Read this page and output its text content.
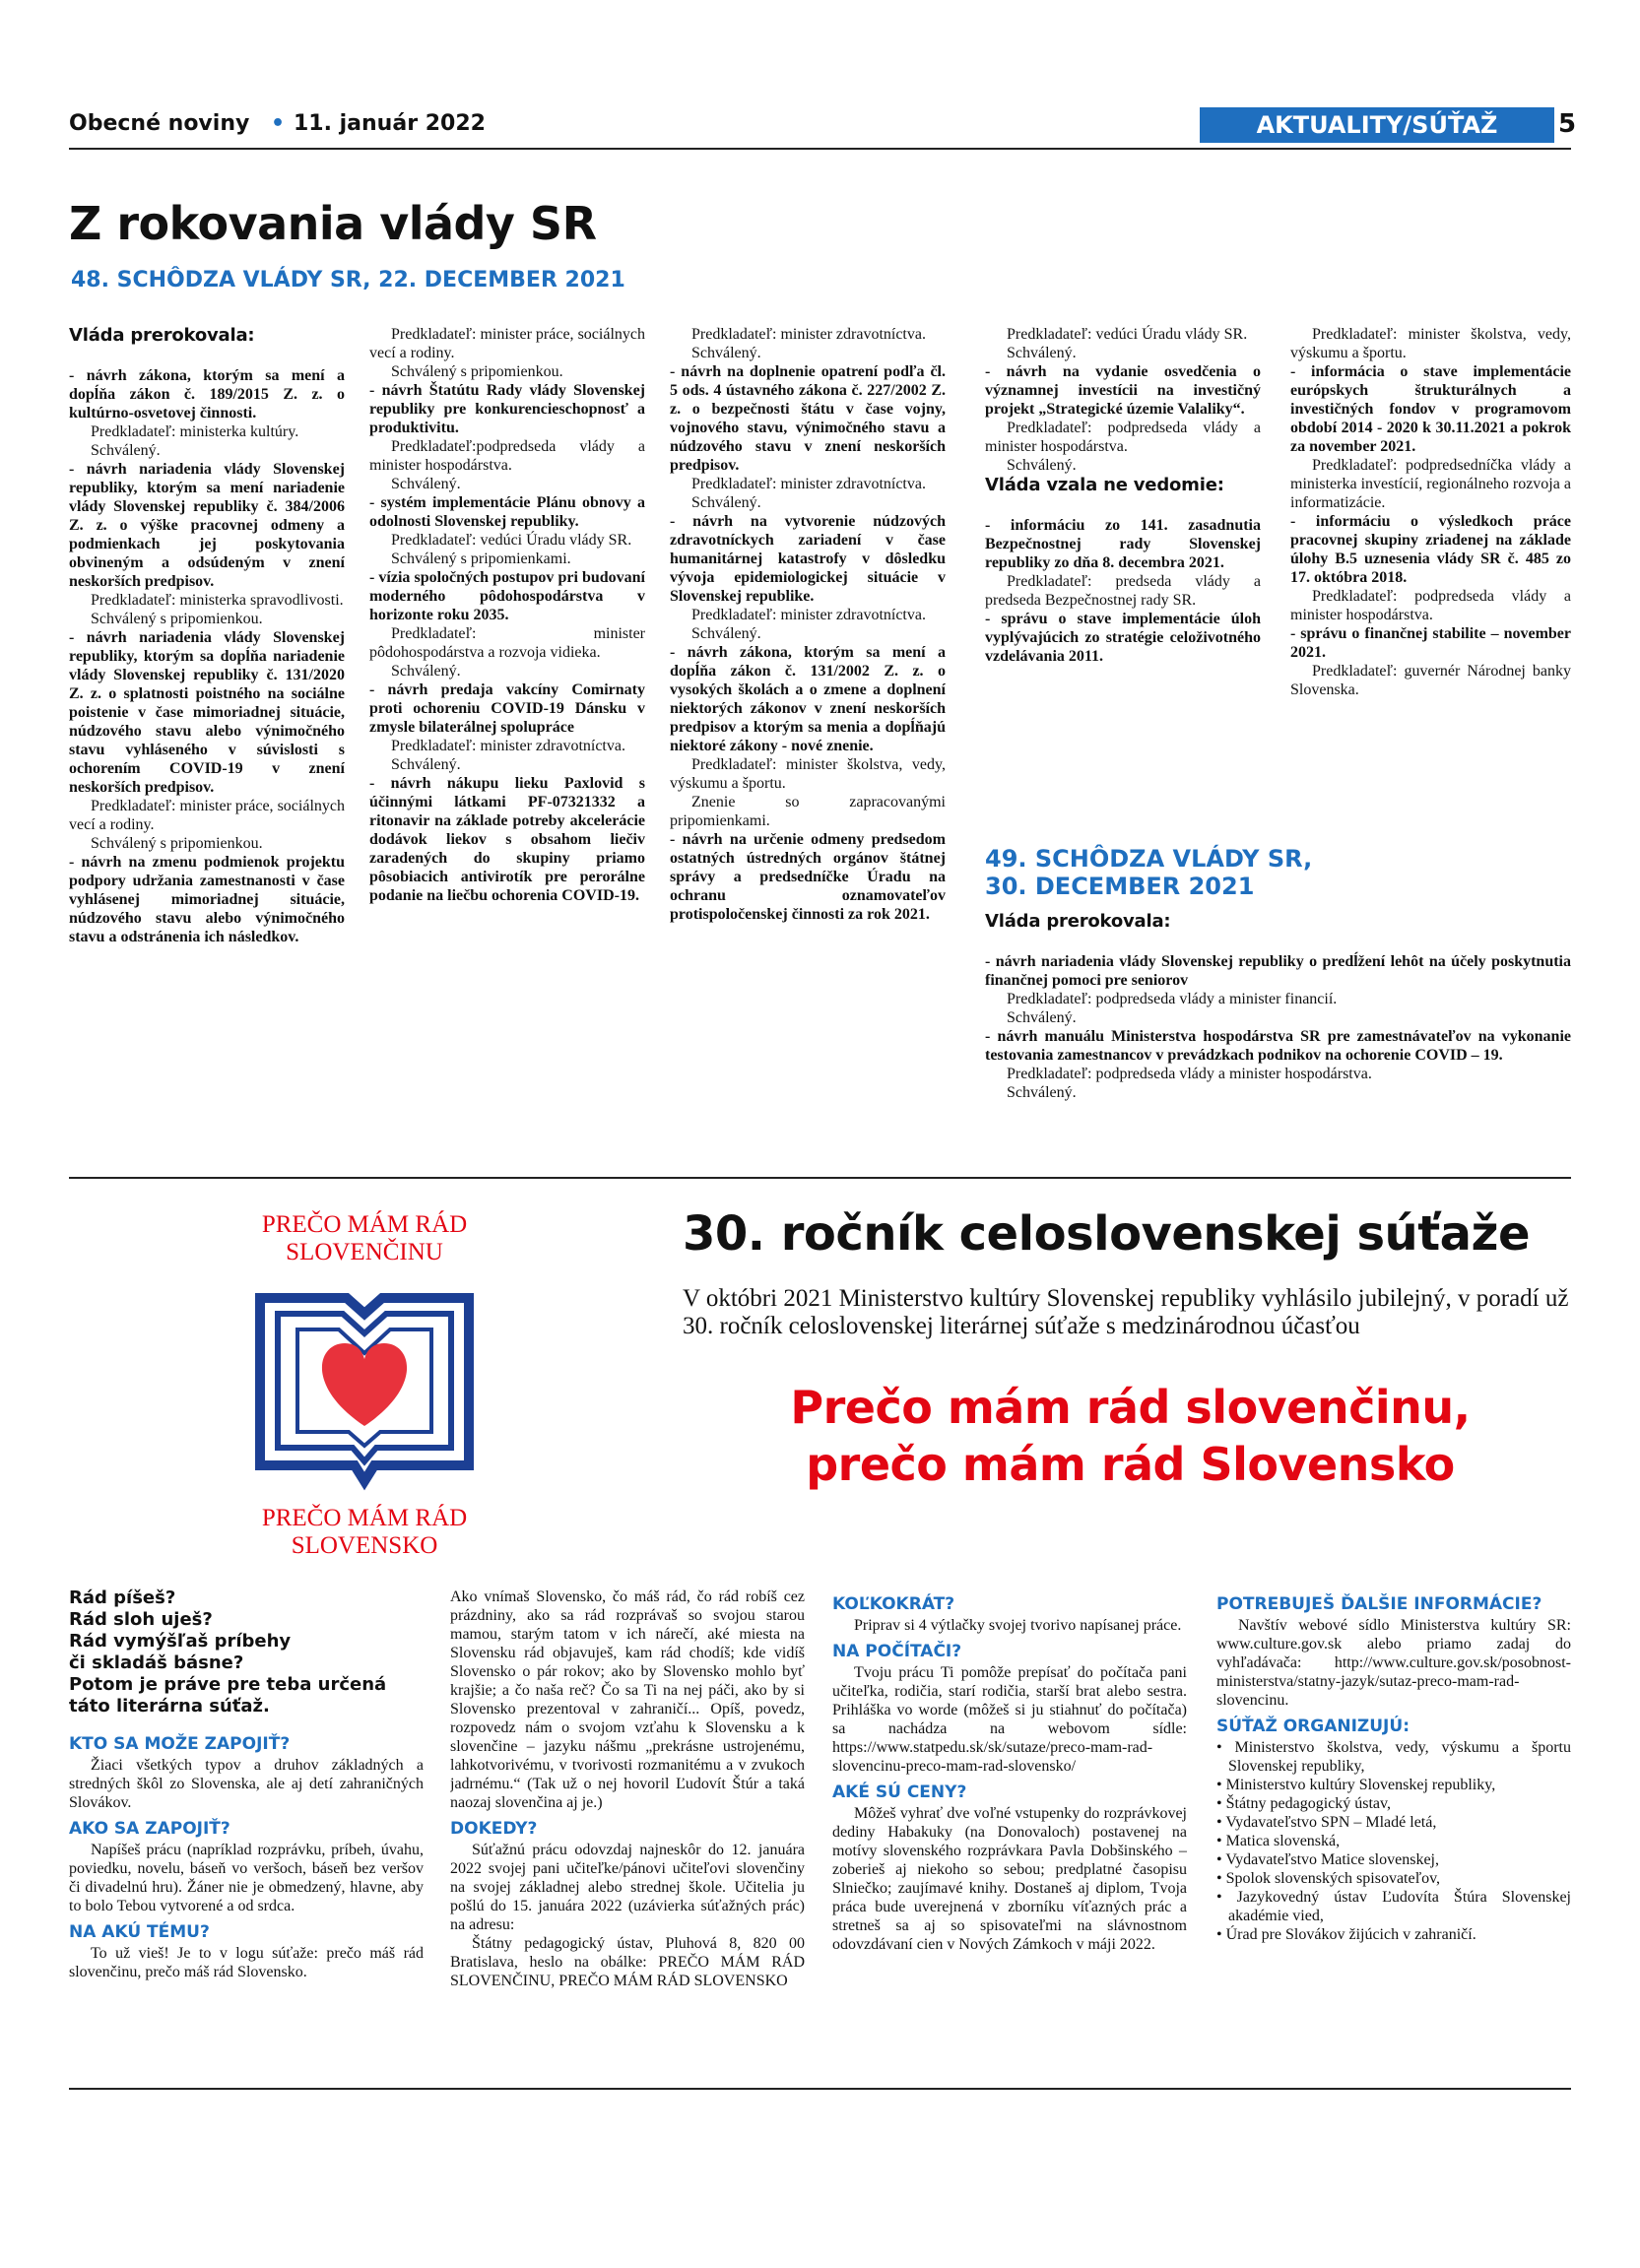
Obecné noviny • 11. január 2022	AKTUALITY/SÚŤAŽ	5
Z rokovania vlády SR
48. SCHÔDZA VLÁDY SR, 22. DECEMBER 2021
Vláda prerokovala:

- návrh zákona, ktorým sa mení a dopĺňa zákon č. 189/2015 Z. z. o kultúrno-osvetovej činnosti.

Predkladateľ: ministerka kultúry.

Schválený.

- návrh nariadenia vlády Slovenskej republiky, ktorým sa mení nariadenie vlády Slovenskej republiky č. 384/2006 Z. z. o výške pracovnej odmeny a podmienkach jej poskytovania obvineným a odsúdeným v znení neskorších predpisov.

Predkladateľ: ministerka spravodlivosti.

Schválený s pripomienkou.

- návrh nariadenia vlády Slovenskej republiky, ktorým sa dopĺňa nariadenie vlády Slovenskej republiky č. 131/2020 Z. z. o splatnosti poistného na sociálne poistenie v čase mimoriadnej situácie, núdzového stavu alebo výnimočného stavu vyhláseného v súvislosti s ochorením COVID-19 v znení neskorších predpisov.

Predkladateľ: minister práce, sociálnych vecí a rodiny.

Schválený s pripomienkou.

- návrh na zmenu podmienok projektu podpory udržania zamestnanosti v čase vyhlásenej mimoriadnej situácie, núdzového stavu alebo výnimočného stavu a odstránenia ich následkov.

Predkladateľ: minister práce, sociálnych vecí a rodiny.

Schválený s pripomienkou.

- návrh Štatútu Rady vlády Slovenskej republiky pre konkurencieschopnosť a produktivitu.

Predkladateľ:podpredseda vlády a minister hospodárstva.

Schválený.

- systém implementácie Plánu obnovy a odolnosti Slovenskej republiky.

Predkladateľ: vedúci Úradu vlády SR.

Schválený s pripomienkami.

- vízia spoločných postupov pri budovaní moderného pôdohospodárstva v horizonte roku 2035.

Predkladateľ: minister pôdohospodárstva a rozvoja vidieka.

Schválený.

- návrh predaja vakcíny Comirnaty proti ochoreniu COVID-19 Dánsku v zmysle bilaterálnej spolupráce

Predkladateľ: minister zdravotníctva.

Schválený.

- návrh nákupu lieku Paxlovid s účinnými látkami PF-07321332 a ritonavir na základe potreby akcelerácie dodávok liekov s obsahom liečiv zaradených do skupiny priamo pôsobiacich antivirotík pre perorálne podanie na liečbu ochorenia COVID-19.

Predkladateľ: minister zdravotníctva.

Schválený.

- návrh na doplnenie opatrení podľa čl. 5 ods. 4 ústavného zákona č. 227/2002 Z. z. o bezpečnosti štátu v čase vojny, vojnového stavu, výnimočného stavu a núdzového stavu v znení neskorších predpisov.

Predkladateľ: minister zdravotníctva.

Schválený.

- návrh na vytvorenie núdzových zdravotníckych zariadení v čase humanitárnej katastrofy v dôsledku vývoja epidemiologickej situácie v Slovenskej republike.

Predkladateľ: minister zdravotníctva.

Schválený.

- návrh zákona, ktorým sa mení a dopĺňa zákon č. 131/2002 Z. z. o vysokých školách a o zmene a doplnení niektorých zákonov v znení neskorších predpisov a ktorým sa menia a dopĺňajú niektoré zákony - nové znenie.

Predkladateľ: minister školstva, vedy, výskumu a športu.

Znenie so zapracovanými pripomienkami.

- návrh na určenie odmeny predsedom ostatných ústredných orgánov štátnej správy a predsedníčke Úradu na ochranu oznamovateľov protispoločenskej činnosti za rok 2021.

Predkladateľ: vedúci Úradu vlády SR.

Schválený.

- návrh na vydanie osvedčenia o významnej investícii na investičný projekt „Strategické územie Valaliky“.

Predkladateľ: podpredseda vlády a minister hospodárstva.

Schválený.

Vláda vzala ne vedomie:

- informáciu zo 141. zasadnutia Bezpečnostnej rady Slovenskej republiky zo dňa 8. decembra 2021.

Predkladateľ: predseda vlády a predseda Bezpečnostnej rady SR.

- správu o stave implementácie úloh vyplývajúcich zo stratégie celoživotného vzdelávania 2011.

Predkladateľ: minister školstva, vedy, výskumu a športu.

- informácia o stave implementácie európskych štrukturálnych a investičných fondov v programovom období 2014 - 2020 k 30.11.2021 a pokrok za november 2021.

Predkladateľ: podpredsedníčka vlády a ministerka investícií, regionálneho rozvoja a informatizácie.

- informáciu o výsledkoch práce pracovnej skupiny zriadenej na základe úlohy B.5 uznesenia vlády SR č. 485 zo 17. októbra 2018.

Predkladateľ: podpredseda vlády a minister hospodárstva.

- správu o finančnej stabilite – november 2021.

Predkladateľ: guvernér Národnej banky Slovenska.

49. SCHÔDZA VLÁDY SR,
30. DECEMBER 2021
Vláda prerokovala:

- návrh nariadenia vlády Slovenskej republiky o predĺžení lehôt na účely poskytnutia finančnej pomoci pre seniorov

Predkladateľ: podpredseda vlády a minister financií.

Schválený.

- návrh manuálu Ministerstva hospodárstva SR pre zamestnávateľov na vykonanie testovania zamestnancov v prevádzkach podnikov na ochorenie COVID – 19.

Predkladateľ: podpredseda vlády a minister hospodárstva.

Schválený.

PREČO MÁM RÁD
SLOVENČINU
PREČO MÁM RÁD
SLOVENSKO
30. ročník celoslovenskej súťaže
V októbri 2021 Ministerstvo kultúry Slovenskej republiky vyhlásilo jubilejný, v poradí už 30. ročník celoslovenskej literárnej súťaže s medzinárodnou účasťou
Prečo mám rád slovenčinu,
prečo mám rád Slovensko
Rád píšeš?
Rád sloh uješ?
Rád vymýšľaš príbehy
či skladáš básne?
Potom je práve pre teba určená
táto literárna súťaž.
KTO SA MOŽE ZAPOJIŤ?

Žiaci všetkých typov a druhov základných a stredných škôl zo Slovenska, ale aj detí zahraničných Slovákov.

AKO SA ZAPOJIŤ?

Napíšeš prácu (napríklad rozprávku, príbeh, úvahu, poviedku, novelu, báseň vo veršoch, báseň bez veršov či divadelnú hru). Žáner nie je obmedzený, hlavne, aby to bolo Tebou vytvorené a od srdca.

NA AKÚ TÉMU?

To už vieš! Je to v logu súťaže: prečo máš rád slovenčinu, prečo máš rád Slovensko.

Ako vnímaš Slovensko, čo máš rád, čo rád robíš cez prázdniny, ako sa rád rozprávaš so svojou starou mamou, starým tatom v ich nárečí, aké miesta na Slovensku rád objavuješ, kam rád chodíš; kde vidíš Slovensko o pár rokov; ako by Slovensko mohlo byť krajšie; a čo naša reč? Čo sa Ti na nej páči, ako by si Slovensko prezentoval v zahraničí... Opíš, povedz, rozpovedz nám o svojom vzťahu k Slovensku a k slovenčine – jazyku nášmu „prekrásne ustrojenému, lahkotvorivému, v tvorivosti rozmanitému a v zvukoch jadrnému.“ (Tak už o nej hovoril Ľudovít Štúr a taká naozaj slovenčina aj je.)

DOKEDY?

Súťažnú prácu odovzdaj najneskôr do 12. januára 2022 svojej pani učiteľke/pánovi učiteľovi slovenčiny na svojej základnej alebo strednej škole. Učitelia ju pošlú do 15. januára 2022 (uzávierka súťažných prác) na adresu:

Štátny pedagogický ústav, Pluhová 8, 820 00 Bratislava, heslo na obálke: PREČO MÁM RÁD SLOVENČINU, PREČO MÁM RÁD SLOVENSKO

KOĽKOKRÁT?

Priprav si 4 výtlačky svojej tvorivo napísanej práce.

NA POČÍTAČI?

Tvoju prácu Ti pomôže prepísať do počítača pani učiteľka, rodičia, starí rodičia, starší brat alebo sestra. Prihláška vo worde (môžeš si ju stiahnuť do počítača) sa nachádza na webovom sídle: https://www.statpedu.sk/sk/sutaze/preco-mam-rad-slovencinu-preco-mam-rad-slovensko/

AKÉ SÚ CENY?

Môžeš vyhrať dve voľné vstupenky do rozprávkovej dediny Habakuky (na Donovaloch) postavenej na motívy slovenského rozprávkara Pavla Dobšinského – zoberieš aj niekoho so sebou; predplatné časopisu Slniečko; zaujímavé knihy. Dostaneš aj diplom, Tvoja práca bude uverejnená v zborníku víťazných prác a stretneš sa aj so spisovateľmi na slávnostnom odovzdávaní cien v Nových Zámkoch v máji 2022.

POTREBUJEŠ ĎALŠIE INFORMÁCIE?

Navštív webové sídlo Ministerstva kultúry SR: www.culture.gov.sk alebo priamo zadaj do vyhľadávača: http://www.culture.gov.sk/posobnost-ministerstva/statny-jazyk/sutaz-preco-mam-rad-slovencinu.

SÚŤAŽ ORGANIZUJÚ:
• Ministerstvo školstva, vedy, výskumu a športu Slovenskej republiky,
• Ministerstvo kultúry Slovenskej republiky,
• Štátny pedagogický ústav,
• Vydavateľstvo SPN – Mladé letá,
• Matica slovenská,
• Vydavateľstvo Matice slovenskej,
• Spolok slovenských spisovateľov,
• Jazykovedný ústav Ľudovíta Štúra Slovenskej akadémie vied,
• Úrad pre Slovákov žijúcich v zahraničí.
